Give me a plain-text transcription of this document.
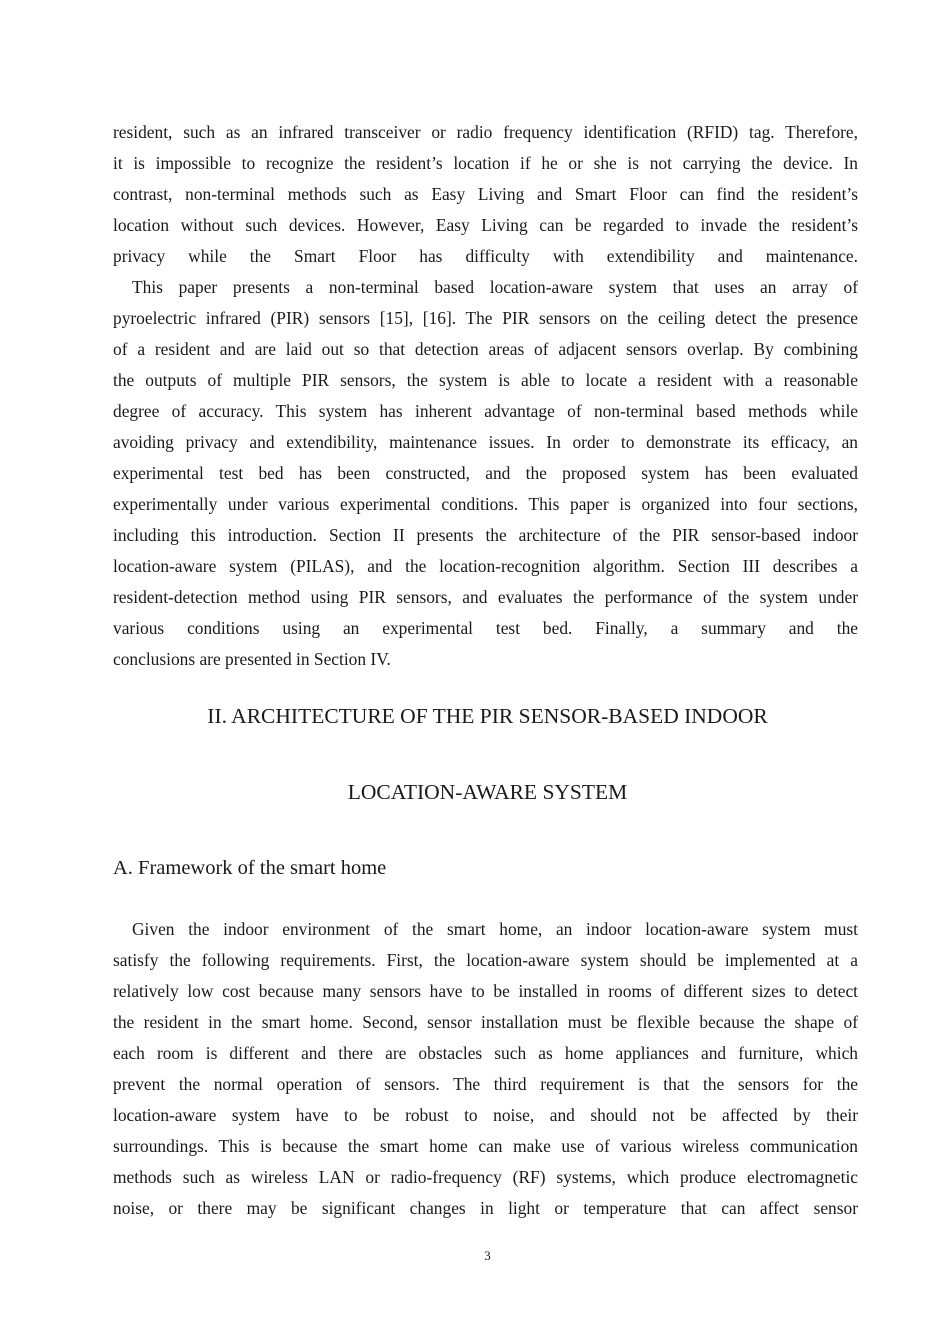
resident, such as an infrared transceiver or radio frequency identification (RFID) tag. Therefore,
it is impossible to recognize the resident’s location if he or she is not carrying the device. In
contrast, non-terminal methods such as Easy Living and Smart Floor can find the resident’s
location without such devices. However, Easy Living can be regarded to invade the resident’s
privacy while the Smart Floor has difficulty with extendibility and maintenance.
This paper presents a non-terminal based location-aware system that uses an array of
pyroelectric infrared (PIR) sensors [15], [16]. The PIR sensors on the ceiling detect the presence
of a resident and are laid out so that detection areas of adjacent sensors overlap. By combining
the outputs of multiple PIR sensors, the system is able to locate a resident with a reasonable
degree of accuracy. This system has inherent advantage of non-terminal based methods while
avoiding privacy and extendibility, maintenance issues. In order to demonstrate its efficacy, an
experimental test bed has been constructed, and the proposed system has been evaluated
experimentally under various experimental conditions. This paper is organized into four sections,
including this introduction. Section II presents the architecture of the PIR sensor-based indoor
location-aware system (PILAS), and the location-recognition algorithm. Section III describes a
resident-detection method using PIR sensors, and evaluates the performance of the system under
various conditions using an experimental test bed. Finally, a summary and the
conclusions are presented in Section IV.
II. ARCHITECTURE OF THE PIR SENSOR-BASED INDOOR
LOCATION-AWARE SYSTEM
A. Framework of the smart home
Given the indoor environment of the smart home, an indoor location-aware system must
satisfy the following requirements. First, the location-aware system should be implemented at a
relatively low cost because many sensors have to be installed in rooms of different sizes to detect
the resident in the smart home. Second, sensor installation must be flexible because the shape of
each room is different and there are obstacles such as home appliances and furniture, which
prevent the normal operation of sensors. The third requirement is that the sensors for the
location-aware system have to be robust to noise, and should not be affected by their
surroundings. This is because the smart home can make use of various wireless communication
methods such as wireless LAN or radio-frequency (RF) systems, which produce electromagnetic
noise, or there may be significant changes in light or temperature that can affect sensor
3
